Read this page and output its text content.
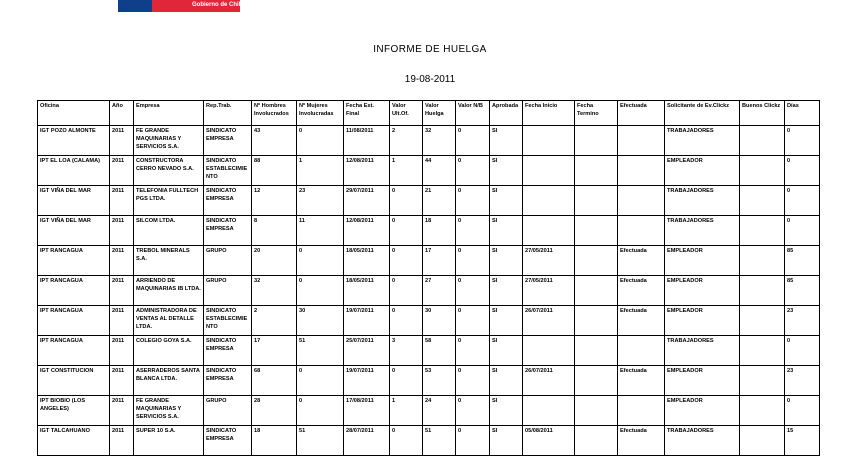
Gobierno de Chile
INFORME DE HUELGA
19-08-2011
Oficina	Año	Empresa	Rep.Trab.	Nº Hombres Involucrados	Nº Mujeres Involucradas	Fecha Est. Final	Valor Ult.Of.	Valor Huelga	Valor N/B	Aprobada	Fecha Inicio	Fecha Termino	Efectuada	Solicitante de Ev.Clickz	Buenos Clickz	Días
IGT POZO ALMONTE	2011	FE GRANDE MAQUINARIAS Y SERVICIOS S.A.	SINDICATO EMPRESA	43	0	11/08/2011	2	32	0	SI				TRABAJADORES		0
IPT EL LOA (CALAMA)	2011	CONSTRUCTORA CERRO NEVADO S.A.	SINDICATO ESTABLECIMIENTO	88	1	12/08/2011	1	44	0	SI				EMPLEADOR		0
IGT VIÑA DEL MAR	2011	TELEFONIA FULLTECH PGS LTDA.	SINDICATO EMPRESA	12	23	29/07/2011	0	21	0	SI				TRABAJADORES		0
IGT VIÑA DEL MAR	2011	SILCOM LTDA.	SINDICATO EMPRESA	8	11	12/08/2011	0	18	0	SI				TRABAJADORES		0
IPT RANCAGUA	2011	TREBOL MINERALS S.A.	GRUPO	20	0	18/05/2011	0	17	0	SI	27/05/2011		Efectuada	EMPLEADOR		85
IPT RANCAGUA	2011	ARRIENDO DE MAQUINARIAS IB LTDA.	GRUPO	32	0	18/05/2011	0	27	0	SI	27/05/2011		Efectuada	EMPLEADOR		85
IPT RANCAGUA	2011	ADMINISTRADORA DE VENTAS AL DETALLE LTDA.	SINDICATO ESTABLECIMIENTO	2	30	19/07/2011	0	30	0	SI	26/07/2011		Efectuada	EMPLEADOR		23
IPT RANCAGUA	2011	COLEGIO GOYA S.A.	SINDICATO EMPRESA	17	51	25/07/2011	3	58	0	SI				TRABAJADORES		0
IGT CONSTITUCION	2011	ASERRADEROS SANTA BLANCA LTDA.	SINDICATO EMPRESA	68	0	19/07/2011	0	53	0	SI	26/07/2011		Efectuada	EMPLEADOR		23
IPT BIOBIO (LOS ANGELES)	2011	FE GRANDE MAQUINARIAS Y SERVICIOS S.A.	GRUPO	28	0	17/08/2011	1	24	0	SI				EMPLEADOR		0
IGT TALCAHUANO	2011	SUPER 10 S.A.	SINDICATO EMPRESA	18	51	28/07/2011	0	51	0	SI	05/08/2011		Efectuada	TRABAJADORES		15
